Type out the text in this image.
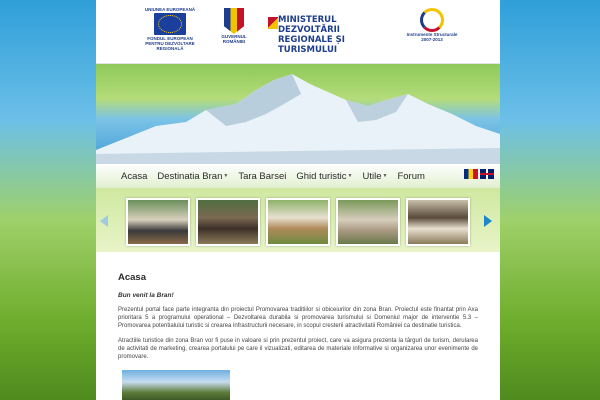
UNIUNEA EUROPEANĂ
FONDUL EUROPEAN
PENTRU DEZVOLTARE REGIONALĂ
GUVERNUL
ROMÂNIEI
MINISTERUL DEZVOLTĂRII
REGIONALE ȘI TURISMULUI
Instrumente Structurale
2007-2013
Acasa Destinatia Bran ▼ Tara Barsei Ghid turistic ▼ Utile ▼ Forum
Acasa
Bun venit la Bran!

Prezentul portal face parte integranta din proiectul Promovarea traditiilor si obiceiurilor din zona Bran. Proiectul este finantat prin Axa prioritara 5 a programului operational – Dezvoltarea durabila si promovarea turismului si Domeniul major de interventie 5.3 – Promovarea potentialului turistic si crearea infrastructurii necesare, in scopul cresterii atractivitatii României ca destinatie turistica.

Atractiile turistice din zona Bran vor fi puse in valoare si prin prezentul proiect, care va asigura prezenta la târguri de turism, derularea de activitati de marketing, crearea portalului pe care il vizualizati, editarea de materiale informative si organizarea unor evenimente de promovare.
